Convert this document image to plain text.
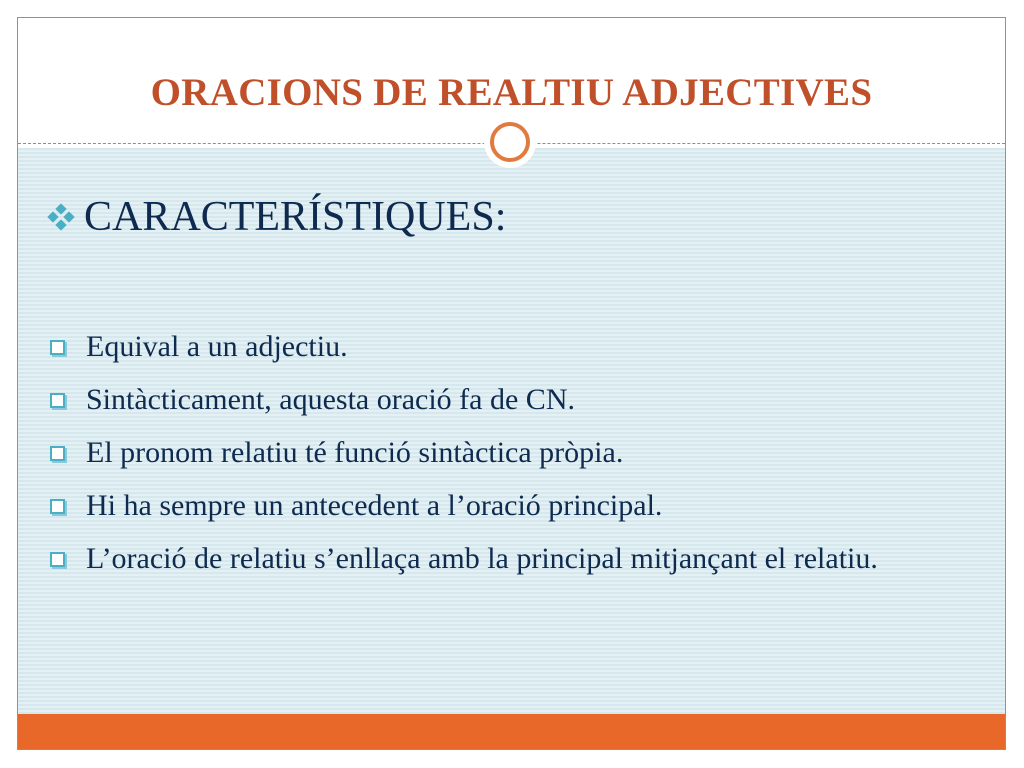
ORACIONS DE REALTIU ADJECTIVES
CARACTERÍSTIQUES:
Equival a un adjectiu.
Sintàcticament, aquesta oració fa de CN.
El pronom relatiu té funció sintàctica pròpia.
Hi ha sempre un antecedent a l’oració principal.
L’oració de relatiu s’enllaça amb la principal mitjançant el relatiu.
